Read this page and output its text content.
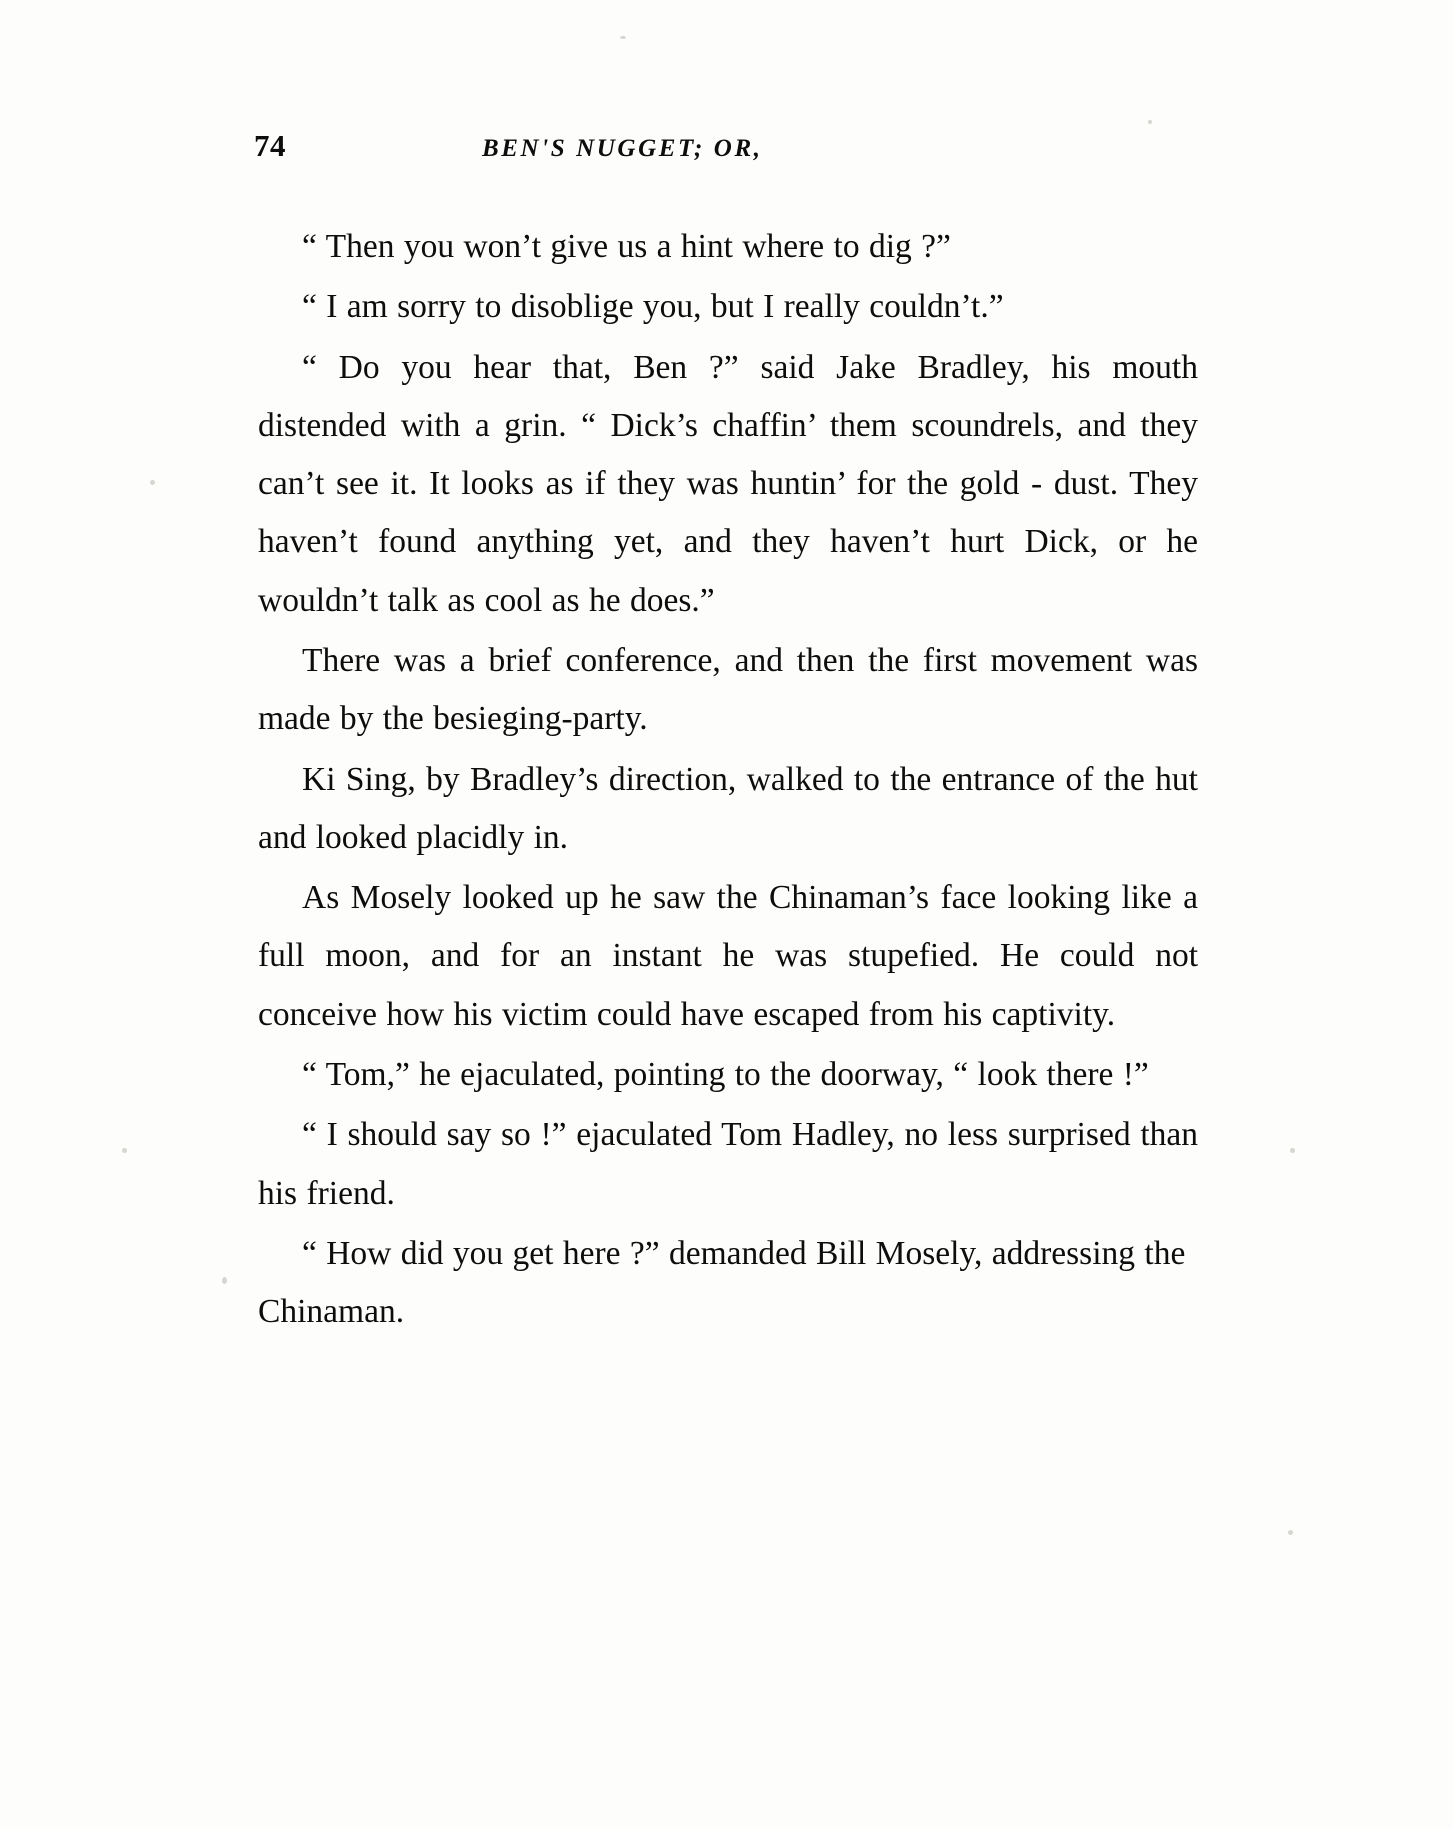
74	BEN'S NUGGET; OR,

“ Then you won’t give us a hint where to dig ?”

“ I am sorry to disoblige you, but I really couldn’t.”

“ Do you hear that, Ben ?” said Jake Bradley, his mouth distended with a grin. “ Dick’s chaffin’ them scoundrels, and they can’t see it. It looks as if they was huntin’ for the gold - dust. They haven’t found anything yet, and they haven’t hurt Dick, or he wouldn’t talk as cool as he does.”

There was a brief conference, and then the first movement was made by the besieging-party.

Ki Sing, by Bradley’s direction, walked to the entrance of the hut and looked placidly in.

As Mosely looked up he saw the Chinaman’s face looking like a full moon, and for an instant he was stupefied. He could not conceive how his victim could have escaped from his captivity.

“ Tom,” he ejaculated, pointing to the doorway, “ look there !”

“ I should say so !” ejaculated Tom Hadley, no less surprised than his friend.

“ How did you get here ?” demanded Bill Mosely, addressing the Chinaman.
